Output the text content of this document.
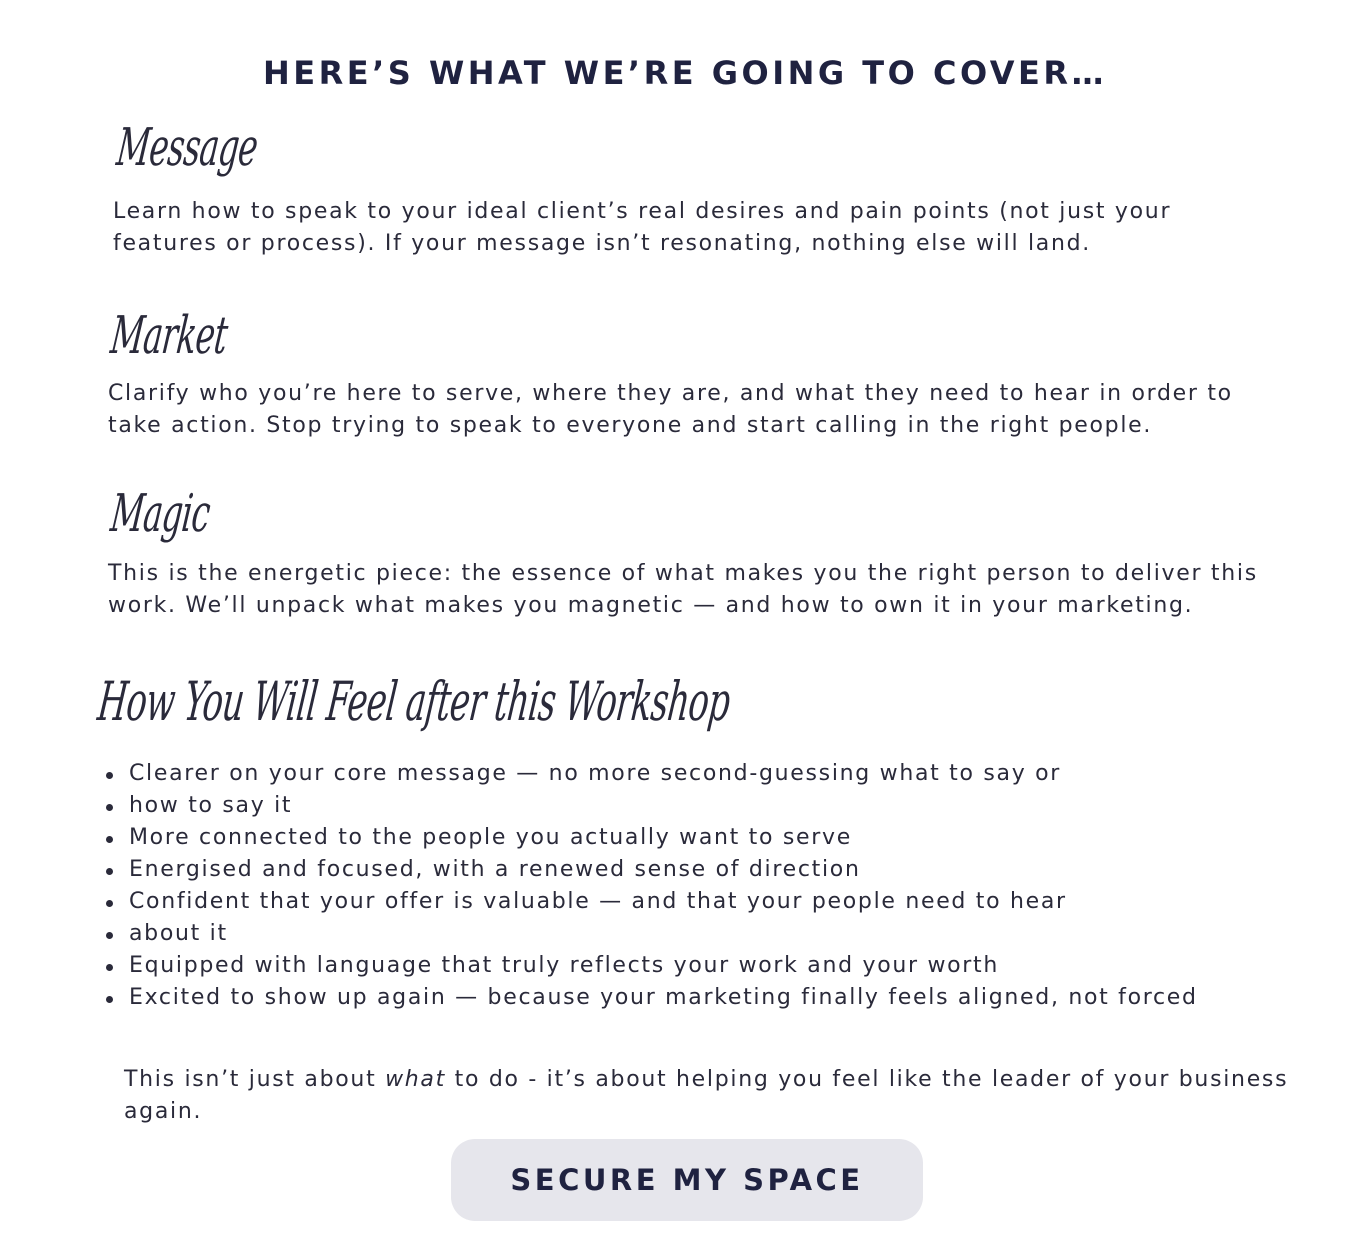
HERE’S WHAT WE’RE GOING TO COVER…
Message

Learn how to speak to your ideal client’s real desires and pain points (not just your features or process). If your message isn’t resonating, nothing else will land.

Market

Clarify who you’re here to serve, where they are, and what they need to hear in order to take action. Stop trying to speak to everyone and start calling in the right people.

Magic

This is the energetic piece: the essence of what makes you the right person to deliver this work. We’ll unpack what makes you magnetic — and how to own it in your marketing.

How You Will Feel after this Workshop
Clearer on your core message — no more second-guessing what to say or
how to say it
More connected to the people you actually want to serve
Energised and focused, with a renewed sense of direction
Confident that your offer is valuable — and that your people need to hear
about it
Equipped with language that truly reflects your work and your worth
Excited to show up again — because your marketing finally feels aligned, not forced

This isn’t just about what to do - it’s about helping you feel like the leader of your business again.

SECURE MY SPACE
